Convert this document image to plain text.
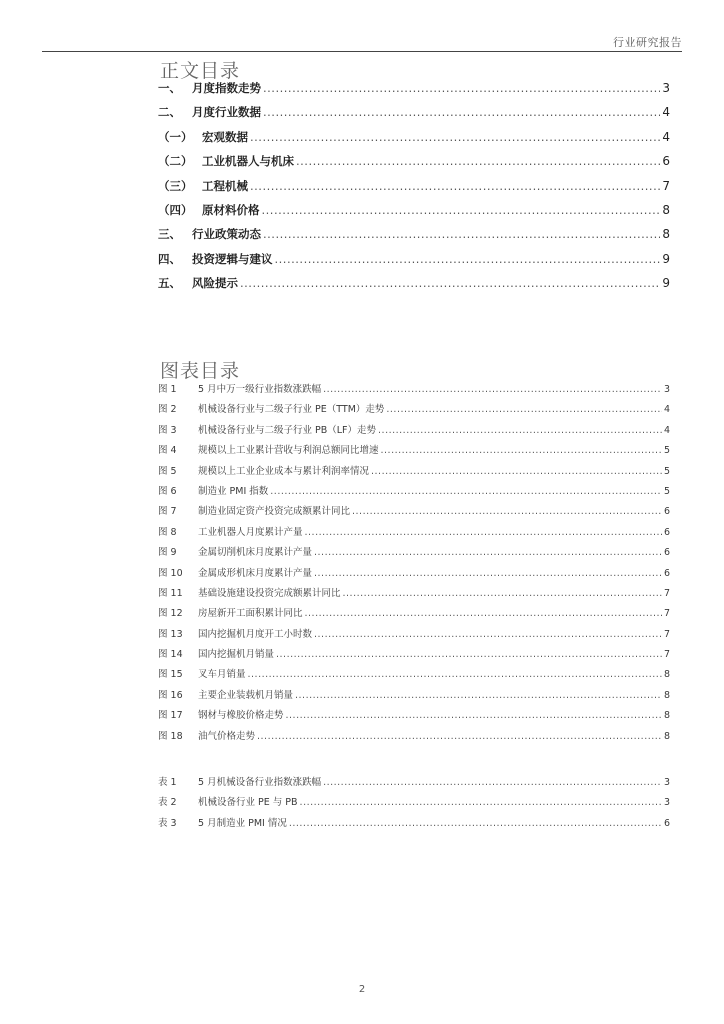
行业研究报告
正文目录
一、 月度指数走势 .....	3
二、 月度行业数据 .....	4
（一） 宏观数据 .....	4
（二） 工业机器人与机床 .....	6
（三） 工程机械 .....	7
（四） 原材料价格 .....	8
三、 行业政策动态 .....	8
四、 投资逻辑与建议 .....	9
五、 风险提示 .....	9
图表目录
图 1	5 月中万一级行业指数涨跌幅 .....	3
图 2	机械设备行业与二级子行业 PE（TTM）走势 .....	4
图 3	机械设备行业与二级子行业 PB（LF）走势 .....	4
图 4	规模以上工业累计营收与利润总额同比增速 .....	5
图 5	规模以上工业企业成本与累计利润率情况 .....	5
图 6	制造业 PMI 指数 .....	5
图 7	制造业固定资产投资完成额累计同比 .....	6
图 8	工业机器人月度累计产量 .....	6
图 9	金属切削机床月度累计产量 .....	6
图 10	金属成形机床月度累计产量 .....	6
图 11	基础设施建设投资完成额累计同比 .....	7
图 12	房屋新开工面积累计同比 .....	7
图 13	国内挖掘机月度开工小时数 .....	7
图 14	国内挖掘机月销量 .....	7
图 15	叉车月销量 .....	8
图 16	主要企业装载机月销量 .....	8
图 17	钢材与橡胶价格走势 .....	8
图 18	油气价格走势 .....	8
表 1	5 月机械设备行业指数涨跌幅 .....	3
表 2	机械设备行业 PE 与 PB .....	3
表 3	5 月制造业 PMI 情况 .....	6
2
